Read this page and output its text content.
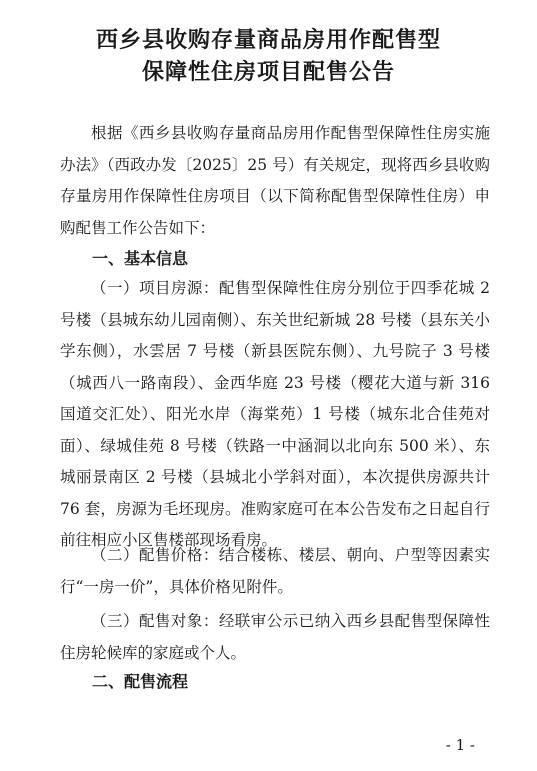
西乡县收购存量商品房用作配售型
保障性住房项目配售公告

根据《西乡县收购存量商品房用作配售型保障性住房实施办法》（西政办发〔2025〕25 号）有关规定，现将西乡县收购存量房用作保障性住房项目（以下简称配售型保障性住房）申购配售工作公告如下：

一、基本信息

（一）项目房源：配售型保障性住房分别位于四季花城 2 号楼（县城东幼儿园南侧）、东关世纪新城 28 号楼（县东关小学东侧），水雲居 7 号楼（新县医院东侧）、九号院子 3 号楼（城西八一路南段）、金西华庭 23 号楼（樱花大道与新 316 国道交汇处）、阳光水岸（海棠苑）1 号楼（城东北合佳苑对面）、绿城佳苑 8 号楼（铁路一中涵洞以北向东 500 米）、东城丽景南区 2 号楼（县城北小学斜对面），本次提供房源共计 76 套，房源为毛坯现房。准购家庭可在本公告发布之日起自行前往相应小区售楼部现场看房。

（二）配售价格：结合楼栋、楼层、朝向、户型等因素实行“一房一价”，具体价格见附件。

（三）配售对象：经联审公示已纳入西乡县配售型保障性住房轮候库的家庭或个人。

二、配售流程
- 1 -
